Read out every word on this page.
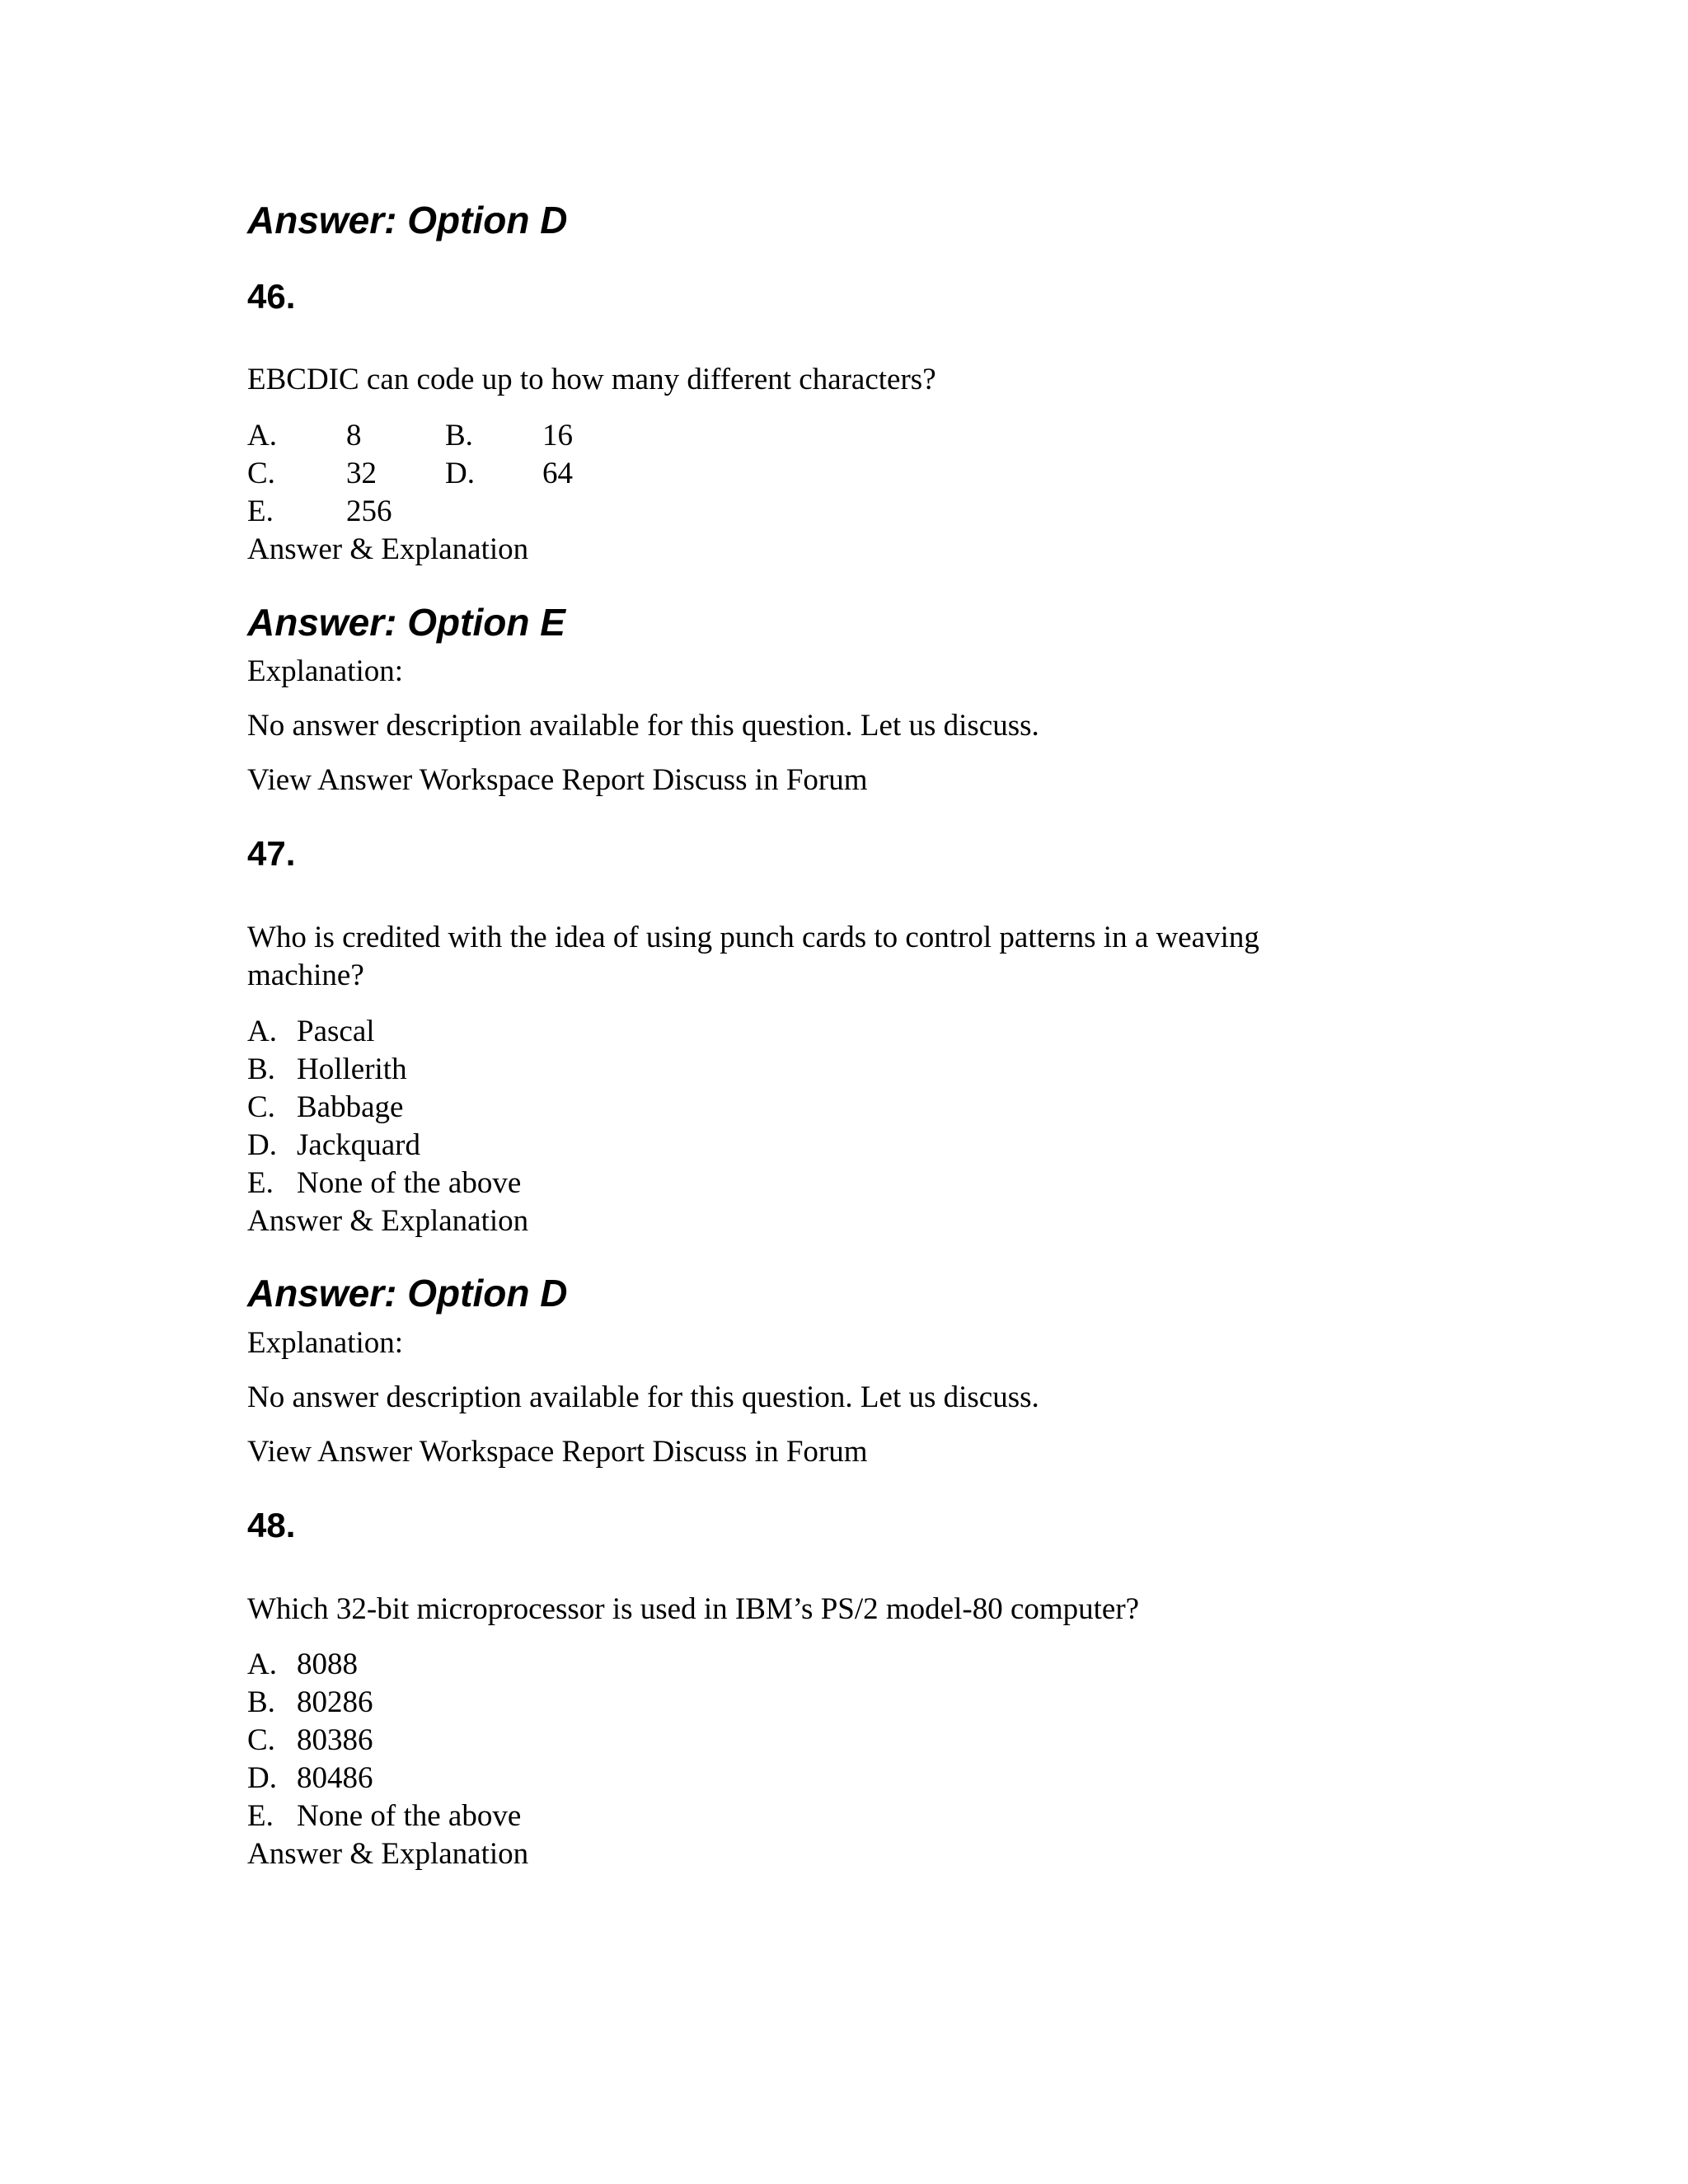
Answer: Option D
46.
EBCDIC can code up to how many different characters?
A. 8	B. 16
C. 32 D. 64
E. 256
Answer & Explanation
Answer: Option E
Explanation:
No answer description available for this question. Let us discuss.
View Answer Workspace Report Discuss in Forum
47.
Who is credited with the idea of using punch cards to control patterns in a weaving machine?
A. Pascal
B. Hollerith
C. Babbage
D. Jackquard
E. None of the above
Answer & Explanation
Answer: Option D
Explanation:
No answer description available for this question. Let us discuss.
View Answer Workspace Report Discuss in Forum
48.
Which 32-bit microprocessor is used in IBM’s PS/2 model-80 computer?
A. 8088
B. 80286
C. 80386
D. 80486
E. None of the above
Answer & Explanation
